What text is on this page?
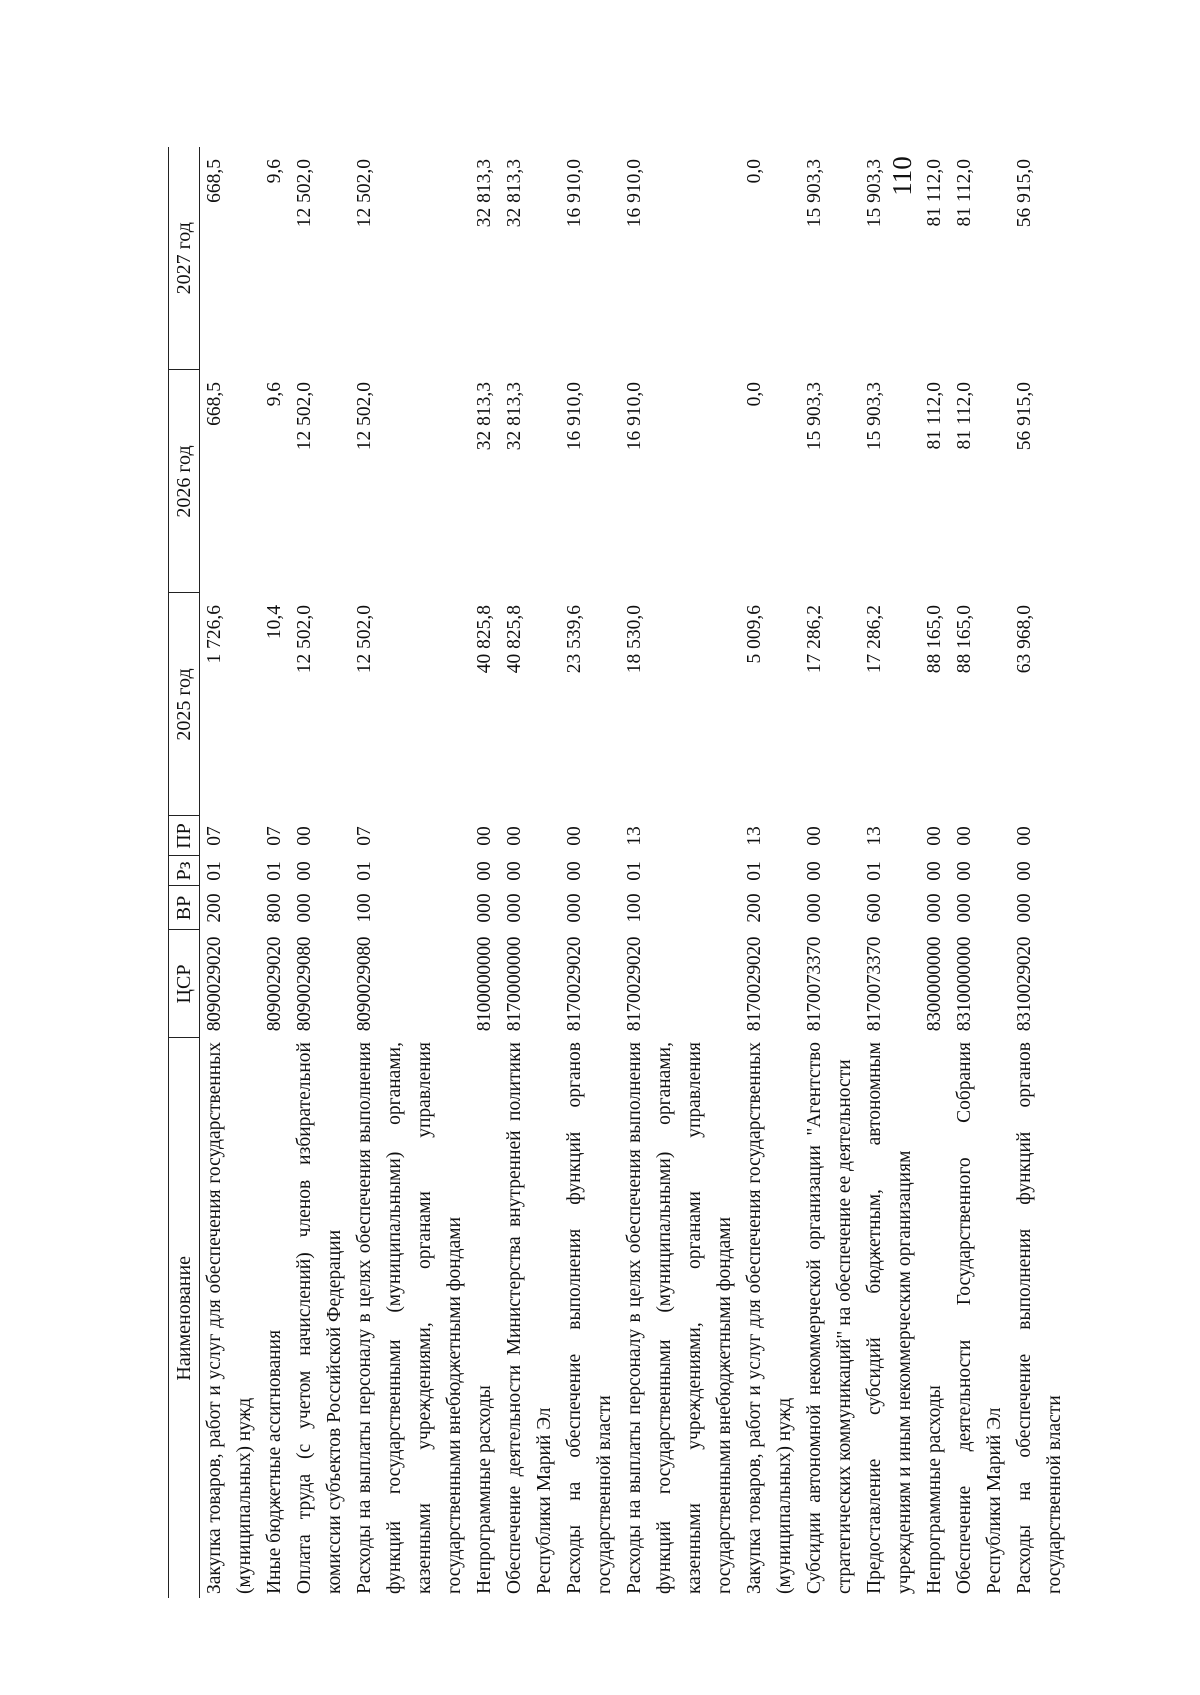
110
Наименование	ЦСР	ВР	Рз	ПР	2025 год	2026 год	2027 год
Закупка товаров, работ и услуг для обеспечения государственных (муниципальных) нужд	8090029020	200	01	07	1 726,6	668,5	668,5
Иные бюджетные ассигнования	8090029020	800	01	07	10,4	9,6	9,6
Оплата труда (с учетом начислений) членов избирательной комиссии субъектов Российской Федерации	8090029080	000	00	00	12 502,0	12 502,0	12 502,0
Расходы на выплаты персоналу в целях обеспечения выполнения функций государственными (муниципальными) органами, казенными учреждениями, органами управления государственными внебюджетными фондами	8090029080	100	01	07	12 502,0	12 502,0	12 502,0
Непрограммные расходы	8100000000	000	00	00	40 825,8	32 813,3	32 813,3
Обеспечение деятельности Министерства внутренней политики Республики Марий Эл	8170000000	000	00	00	40 825,8	32 813,3	32 813,3
Расходы на обеспечение выполнения функций органов государственной власти	8170029020	000	00	00	23 539,6	16 910,0	16 910,0
Расходы на выплаты персоналу в целях обеспечения выполнения функций государственными (муниципальными) органами, казенными учреждениями, органами управления государственными внебюджетными фондами	8170029020	100	01	13	18 530,0	16 910,0	16 910,0
Закупка товаров, работ и услуг для обеспечения государственных (муниципальных) нужд	8170029020	200	01	13	5 009,6	0,0	0,0
Субсидии автономной некоммерческой организации "Агентство стратегических коммуникаций" на обеспечение ее деятельности	8170073370	000	00	00	17 286,2	15 903,3	15 903,3
Предоставление субсидий бюджетным, автономным учреждениям и иным некоммерческим организациям	8170073370	600	01	13	17 286,2	15 903,3	15 903,3
Непрограммные расходы	8300000000	000	00	00	88 165,0	81 112,0	81 112,0
Обеспечение деятельности Государственного Собрания Республики Марий Эл	8310000000	000	00	00	88 165,0	81 112,0	81 112,0
Расходы на обеспечение выполнения функций органов государственной власти	8310029020	000	00	00	63 968,0	56 915,0	56 915,0
